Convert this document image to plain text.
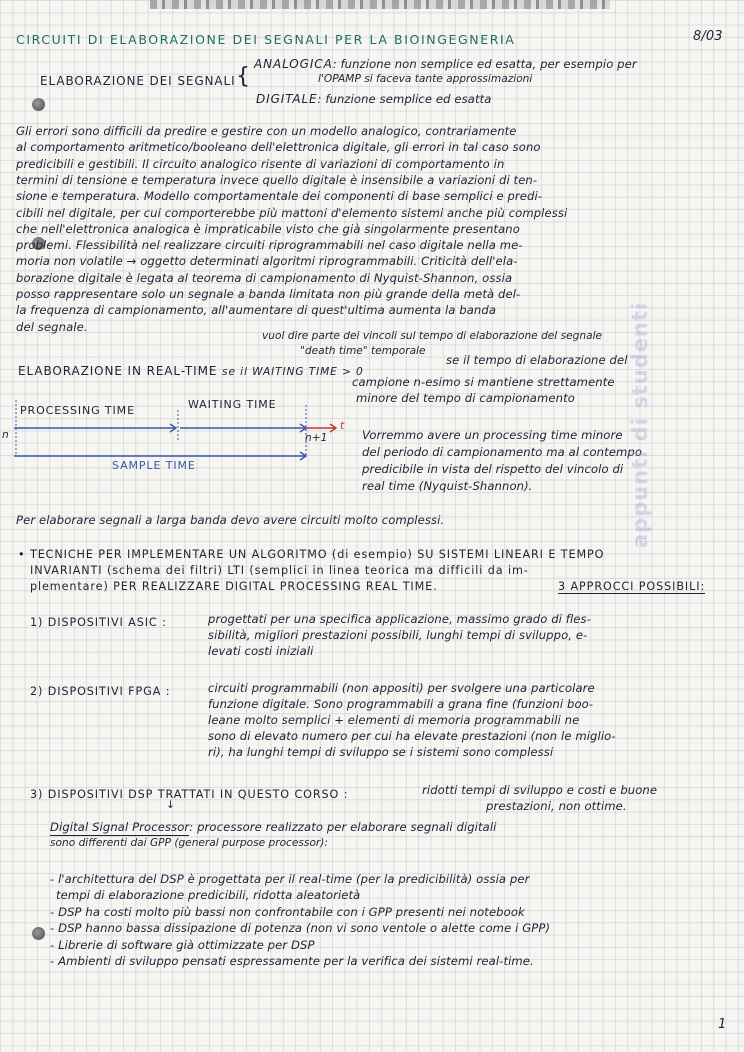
CIRCUITI DI ELABORAZIONE DEI SEGNALI PER LA BIOINGEGNERIA	8/03
ELABORAZIONE DEI SEGNALI { ANALOGICA: funzione non semplice ed esatta, per esempio per
l'OPAMP si faceva tante approssimazioni
DIGITALE: funzione semplice ed esatta
Gli errori sono difficili da predire e gestire con un modello analogico, contrariamente
al comportamento aritmetico/booleano dell'elettronica digitale, gli errori in tal caso sono
predicibili e gestibili. Il circuito analogico risente di variazioni di comportamento in
termini di tensione e temperatura invece quello digitale è insensibile a variazioni di ten-
sione e temperatura. Modello comportamentale dei componenti di base semplici e predi-
cibili nel digitale, per cui comporterebbe più mattoni d'elemento sistemi anche più complessi
che nell'elettronica analogica è impraticabile visto che già singolarmente presentano
problemi. Flessibilità nel realizzare circuiti riprogrammabili nel caso digitale nella me-
moria non volatile → oggetto determinati algoritmi riprogrammabili. Criticità dell'ela-
borazione digitale è legata al teorema di campionamento di Nyquist-Shannon, ossia
posso rappresentare solo un segnale a banda limitata non più grande della metà del-
la frequenza di campionamento, all'aumentare di quest'ultima aumenta la banda
del segnale.
vuol dire parte dei vincoli sul tempo di elaborazione del segnale
"death time" temporale
ELABORAZIONE IN REAL-TIME se il WAITING TIME > 0
se il tempo di elaborazione del
campione n-esimo si mantiene strettamente
minore del tempo di campionamento
PROCESSING TIME	WAITING TIME
SAMPLE TIME
n	n+1
t
Vorremmo avere un processing time minore
del periodo di campionamento ma al contempo
predicibile in vista del rispetto del vincolo di
real time (Nyquist-Shannon).
Per elaborare segnali a larga banda devo avere circuiti molto complessi.
• TECNICHE PER IMPLEMENTARE UN ALGORITMO (di esempio) SU SISTEMI LINEARI E TEMPO
INVARIANTI (schema dei filtri) LTI (semplici in linea teorica ma difficili da im-
plementare) PER REALIZZARE DIGITAL PROCESSING REAL TIME.	3 APPROCCI POSSIBILI:
1) DISPOSITIVI ASIC :	progettati per una specifica applicazione, massimo grado di fles-
sibilità, migliori prestazioni possibili, lunghi tempi di sviluppo, e-
levati costi iniziali
2) DISPOSITIVI FPGA :	circuiti programmabili (non appositi) per svolgere una particolare
funzione digitale. Sono programmabili a grana fine (funzioni boo-
leane molto semplici + elementi di memoria programmabili ne
sono di elevato numero per cui ha elevate prestazioni (non le miglio-
ri), ha lunghi tempi di sviluppo se i sistemi sono complessi
3) DISPOSITIVI DSP TRATTATI IN QUESTO CORSO :	ridotti tempi di sviluppo e costi e buone
prestazioni, non ottime.
↓
Digital Signal Processor: processore realizzato per elaborare segnali digitali
sono differenti dai GPP (general purpose processor):
- l'architettura del DSP è progettata per il real-time (per la predicibilità) ossia per
tempi di elaborazione predicibili, ridotta aleatorietà
- DSP ha costi molto più bassi non confrontabile con i GPP presenti nei notebook
- DSP hanno bassa dissipazione di potenza (non vi sono ventole o alette come i GPP)
- Librerie di software già ottimizzate per DSP
- Ambienti di sviluppo pensati espressamente per la verifica dei sistemi real-time.
1
appunti di studenti
